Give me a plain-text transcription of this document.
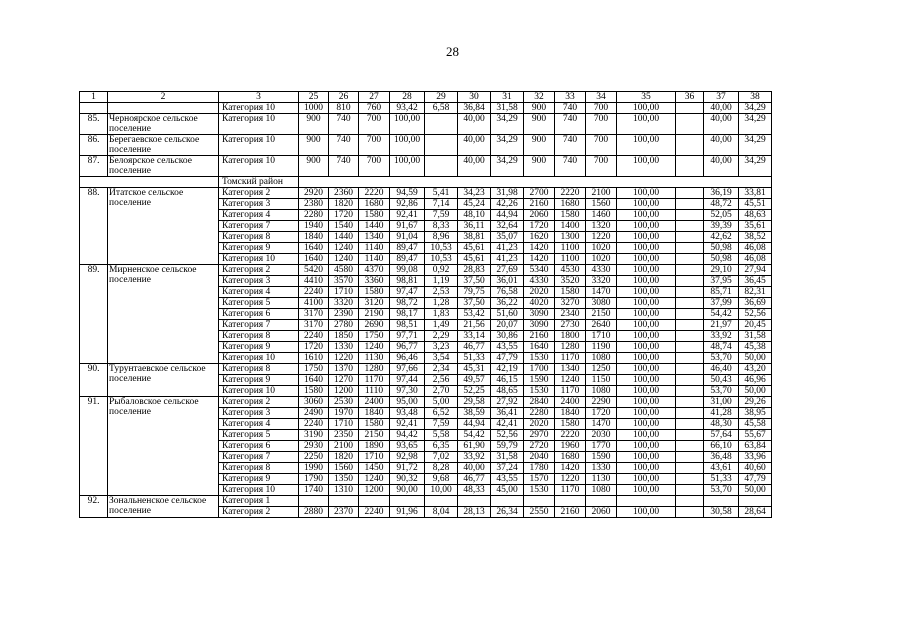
28
1	2	3	25	26	27	28	29	30	31	32	33	34	35	36	37	38
		Категория 10	1000	810	760	93,42	6,58	36,84	31,58	900	740	700	100,00		40,00	34,29
85.	Черноярское сельское поселение	Категория 10	900	740	700	100,00		40,00	34,29	900	740	700	100,00		40,00	34,29
86.	Берегаевское сельское поселение	Категория 10	900	740	700	100,00		40,00	34,29	900	740	700	100,00		40,00	34,29
87.	Белоярское сельское поселение	Категория 10	900	740	700	100,00		40,00	34,29	900	740	700	100,00		40,00	34,29
		Томский район														
88.	Итатское сельское поселение	Категория 2	2920	2360	2220	94,59	5,41	34,23	31,98	2700	2220	2100	100,00		36,19	33,81
		Категория 3	2380	1820	1680	92,86	7,14	45,24	42,26	2160	1680	1560	100,00		48,72	45,51
		Категория 4	2280	1720	1580	92,41	7,59	48,10	44,94	2060	1580	1460	100,00		52,05	48,63
		Категория 7	1940	1540	1440	91,67	8,33	36,11	32,64	1720	1400	1320	100,00		39,39	35,61
		Категория 8	1840	1440	1340	91,04	8,96	38,81	35,07	1620	1300	1220	100,00		42,62	38,52
		Категория 9	1640	1240	1140	89,47	10,53	45,61	41,23	1420	1100	1020	100,00		50,98	46,08
		Категория 10	1640	1240	1140	89,47	10,53	45,61	41,23	1420	1100	1020	100,00		50,98	46,08
89.	Мирненское сельское поселение	Категория 2	5420	4580	4370	99,08	0,92	28,83	27,69	5340	4530	4330	100,00		29,10	27,94
		Категория 3	4410	3570	3360	98,81	1,19	37,50	36,01	4330	3520	3320	100,00		37,95	36,45
		Категория 4	2240	1710	1580	97,47	2,53	79,75	76,58	2020	1580	1470	100,00		85,71	82,31
		Категория 5	4100	3320	3120	98,72	1,28	37,50	36,22	4020	3270	3080	100,00		37,99	36,69
		Категория 6	3170	2390	2190	98,17	1,83	53,42	51,60	3090	2340	2150	100,00		54,42	52,56
		Категория 7	3170	2780	2690	98,51	1,49	21,56	20,07	3090	2730	2640	100,00		21,97	20,45
		Категория 8	2240	1850	1750	97,71	2,29	33,14	30,86	2160	1800	1710	100,00		33,92	31,58
		Категория 9	1720	1330	1240	96,77	3,23	46,77	43,55	1640	1280	1190	100,00		48,74	45,38
		Категория 10	1610	1220	1130	96,46	3,54	51,33	47,79	1530	1170	1080	100,00		53,70	50,00
90.	Турунтаевское сельское поселение	Категория 8	1750	1370	1280	97,66	2,34	45,31	42,19	1700	1340	1250	100,00		46,40	43,20
		Категория 9	1640	1270	1170	97,44	2,56	49,57	46,15	1590	1240	1150	100,00		50,43	46,96
		Категория 10	1580	1200	1110	97,30	2,70	52,25	48,65	1530	1170	1080	100,00		53,70	50,00
91.	Рыбаловское сельское поселение	Категория 2	3060	2530	2400	95,00	5,00	29,58	27,92	2840	2400	2290	100,00		31,00	29,26
		Категория 3	2490	1970	1840	93,48	6,52	38,59	36,41	2280	1840	1720	100,00		41,28	38,95
		Категория 4	2240	1710	1580	92,41	7,59	44,94	42,41	2020	1580	1470	100,00		48,30	45,58
		Категория 5	3190	2350	2150	94,42	5,58	54,42	52,56	2970	2220	2030	100,00		57,64	55,67
		Категория 6	2930	2100	1890	93,65	6,35	61,90	59,79	2720	1960	1770	100,00		66,10	63,84
		Категория 7	2250	1820	1710	92,98	7,02	33,92	31,58	2040	1680	1590	100,00		36,48	33,96
		Категория 8	1990	1560	1450	91,72	8,28	40,00	37,24	1780	1420	1330	100,00		43,61	40,60
		Категория 9	1790	1350	1240	90,32	9,68	46,77	43,55	1570	1220	1130	100,00		51,33	47,79
		Категория 10	1740	1310	1200	90,00	10,00	48,33	45,00	1530	1170	1080	100,00		53,70	50,00
92.	Зональненское сельское поселение	Категория 1														
		Категория 2	2880	2370	2240	91,96	8,04	28,13	26,34	2550	2160	2060	100,00		30,58	28,64
